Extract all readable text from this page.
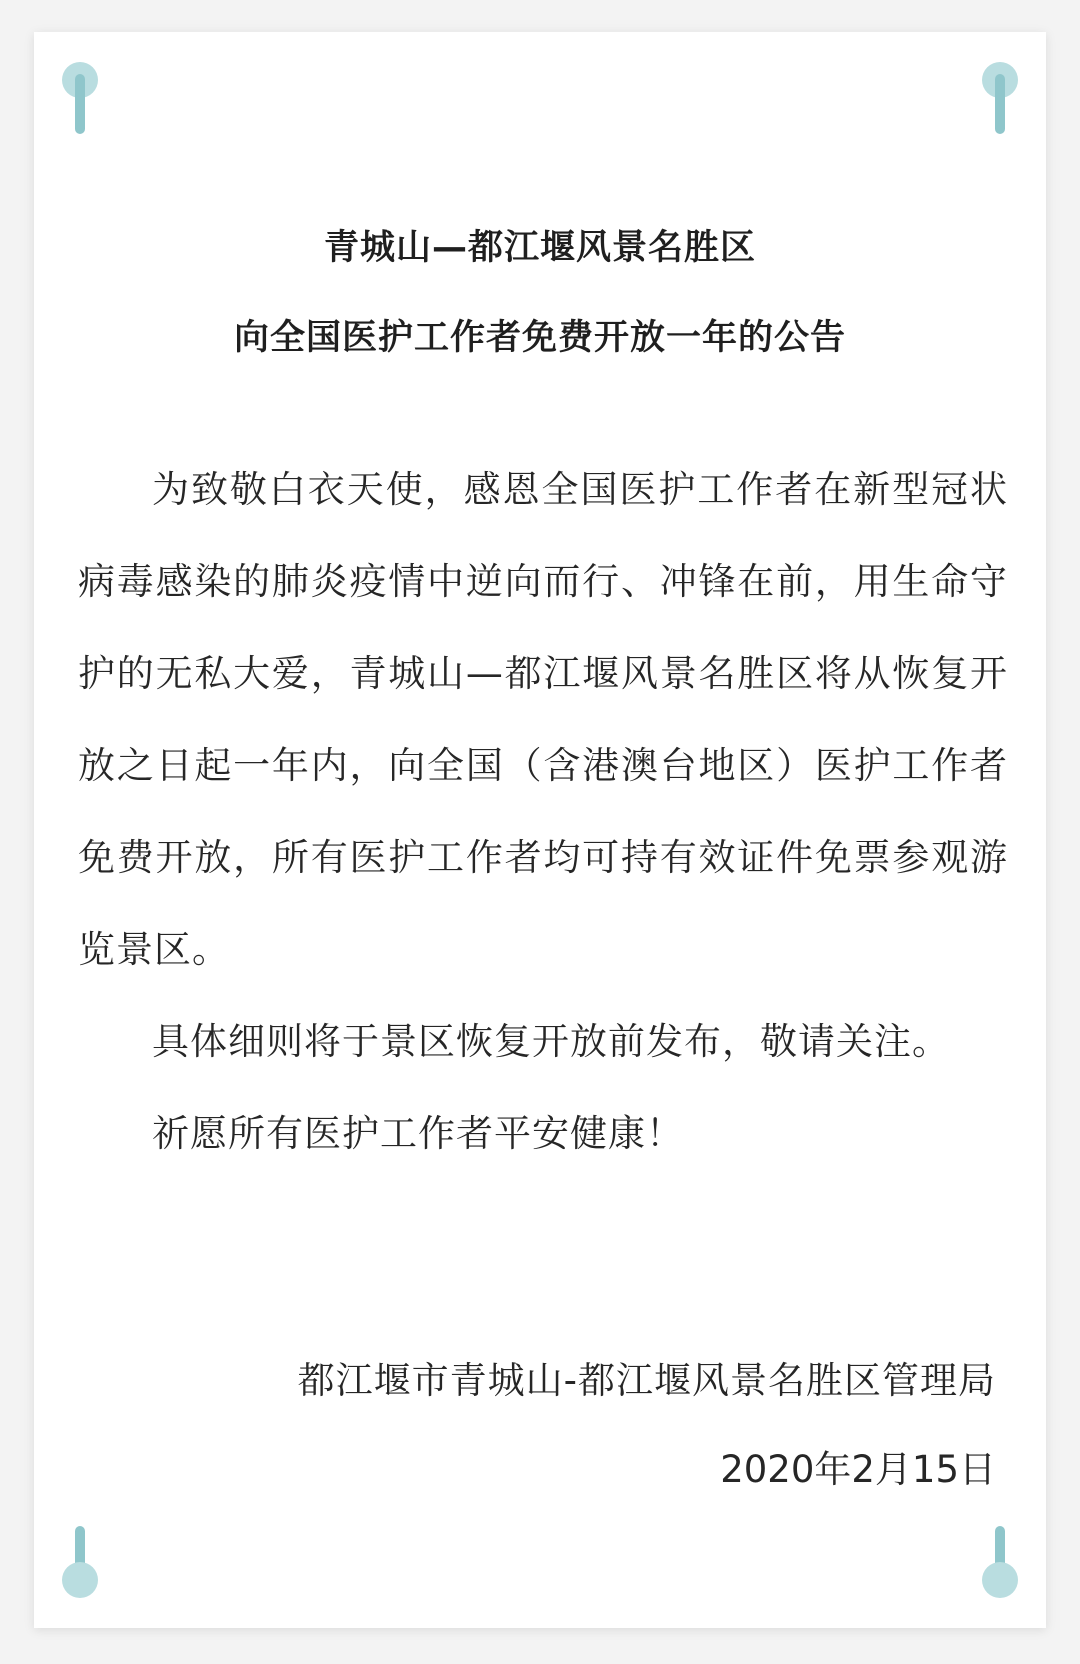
青城山—都江堰风景名胜区
向全国医护工作者免费开放一年的公告

为致敬白衣天使，感恩全国医护工作者在新型冠状病毒感染的肺炎疫情中逆向而行、冲锋在前，用生命守护的无私大爱，青城山—都江堰风景名胜区将从恢复开放之日起一年内，向全国（含港澳台地区）医护工作者免费开放，所有医护工作者均可持有效证件免票参观游览景区。

具体细则将于景区恢复开放前发布，敬请关注。

祈愿所有医护工作者平安健康！

都江堰市青城山-都江堰风景名胜区管理局
2020年2月15日
